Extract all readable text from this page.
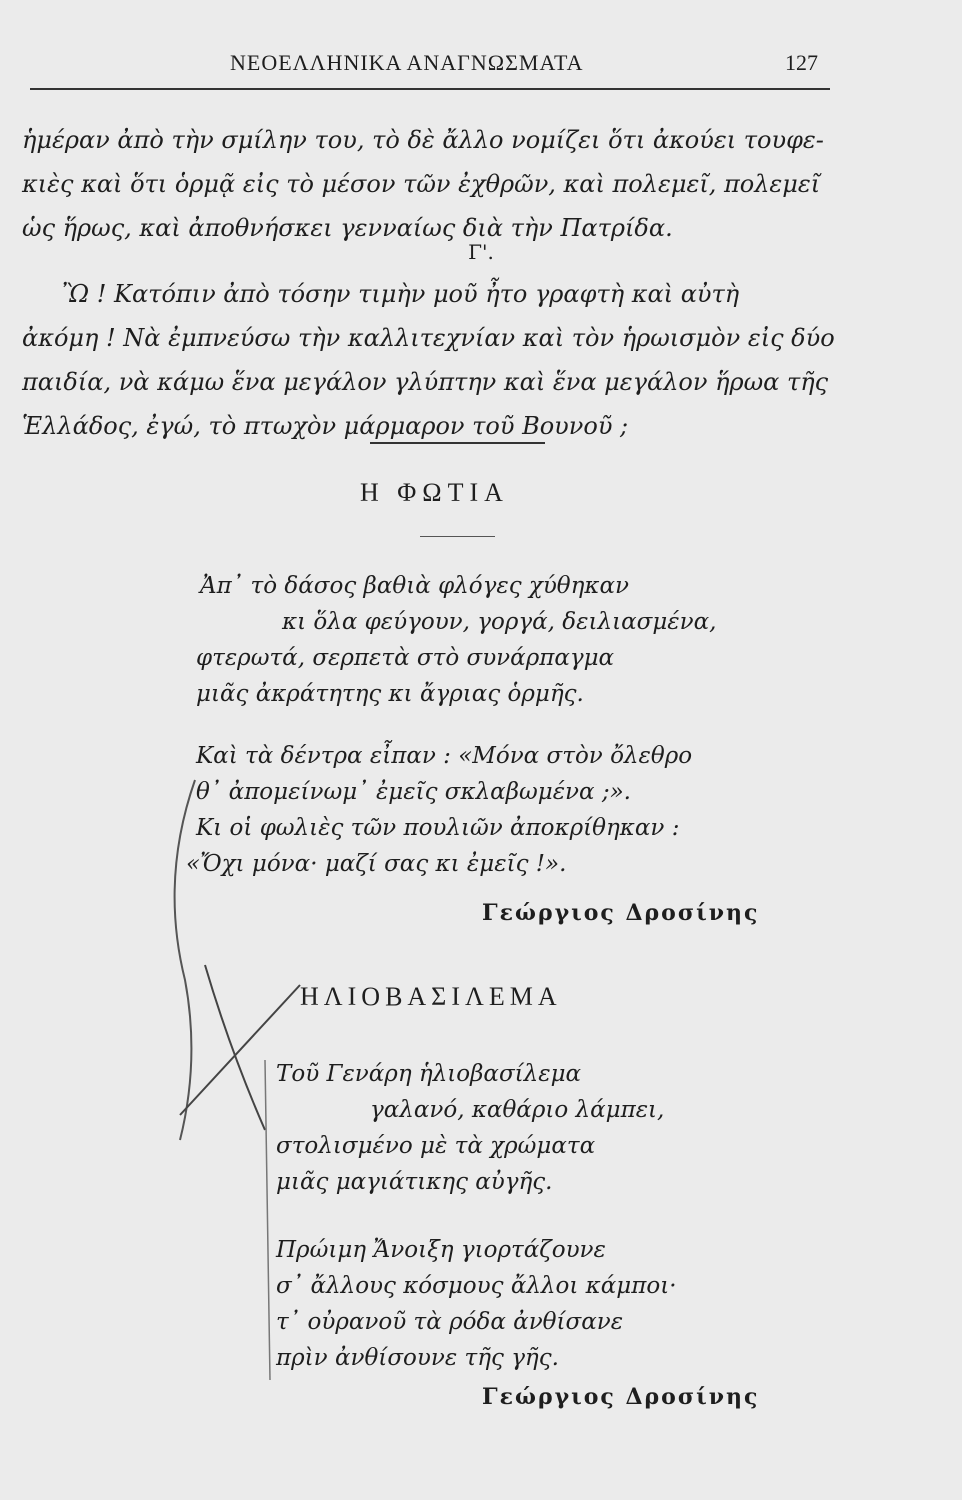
ΝΕΟΕΛΛΗΝΙΚΑ ΑΝΑΓΝΩΣΜΑΤΑ	127

ἡμέραν ἀπὸ τὴν σμίλην του, τὸ δὲ ἄλλο νομίζει ὅτι ἀκούει τουφε-

κιὲς καὶ ὅτι ὁρμᾷ εἰς τὸ μέσον τῶν ἐχθρῶν, καὶ πολεμεῖ, πολεμεῖ

ὡς ἥρως, καὶ ἀποθνήσκει γενναίως διὰ τὴν Πατρίδα.

Γ'.
Ὢ ! Κατόπιν ἀπὸ τόσην τιμὴν μοῦ ἦτο γραφτὴ καὶ αὐτὴ
ἀκόμη ! Νὰ ἐμπνεύσω τὴν καλλιτεχνίαν καὶ τὸν ἡρωισμὸν εἰς δύο
παιδία, νὰ κάμω ἕνα μεγάλον γλύπτην καὶ ἕνα μεγάλον ἥρωα τῆς
Ἑλλάδος, ἐγώ, τὸ πτωχὸν μάρμαρον τοῦ Βουνοῦ ;
Η ΦΩΤΙΑ
Ἀπ᾿ τὸ δάσος βαθιὰ φλόγες χύθηκαν
κι ὅλα φεύγουν, γοργά, δειλιασμένα,
φτερωτά, σερπετὰ στὸ συνάρπαγμα
μιᾶς ἀκράτητης κι ἄγριας ὁρμῆς.
Καὶ τὰ δέντρα εἶπαν : «Μόνα στὸν ὄλεθρο
θ᾿ ἀπομείνωμ᾿ ἐμεῖς σκλαβωμένα ;».
Κι οἱ φωλιὲς τῶν πουλιῶν ἀποκρίθηκαν :
«Ὄχι μόνα· μαζί σας κι ἐμεῖς !».
Γεώργιος Δροσίνης
ΗΛΙΟΒΑΣΙΛΕΜΑ
Τοῦ Γενάρη ἡλιοβασίλεμα
γαλανό, καθάριο λάμπει,
στολισμένο μὲ τὰ χρώματα
μιᾶς μαγιάτικης αὐγῆς.
Πρώιμη Ἄνοιξη γιορτάζουνε
σ᾿ ἄλλους κόσμους ἄλλοι κάμποι·
τ᾿ οὐρανοῦ τὰ ρόδα ἀνθίσανε
πρὶν ἀνθίσουνε τῆς γῆς.
Γεώργιος Δροσίνης
